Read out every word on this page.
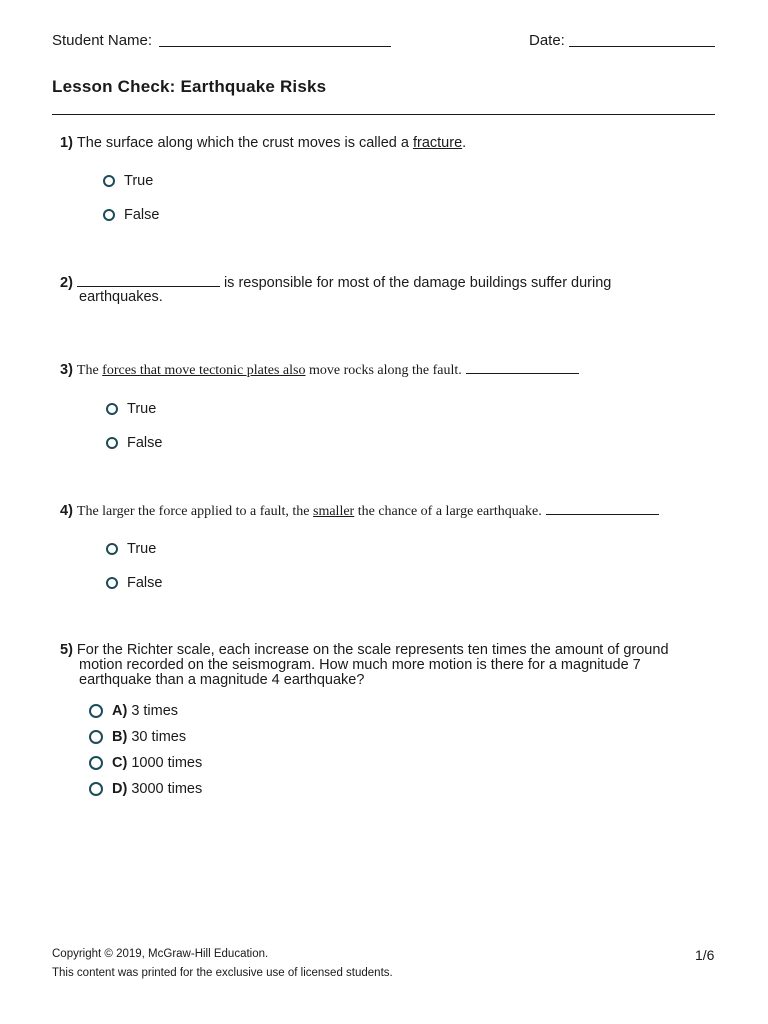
Student Name:	Date:
Lesson Check: Earthquake Risks
1) The surface along which the crust moves is called a fracture.
True
False
2)	is responsible for most of the damage buildings suffer during
earthquakes.
3) The forces that move tectonic plates also move rocks along the fault.
True
False
4) The larger the force applied to a fault, the smaller the chance of a large earthquake.
True
False
5) For the Richter scale, each increase on the scale represents ten times the amount of ground
motion recorded on the seismogram. How much more motion is there for a magnitude 7
earthquake than a magnitude 4 earthquake?
A) 3 times
B) 30 times
C) 1000 times
D) 3000 times
Copyright © 2019, McGraw-Hill Education.	1/6
This content was printed for the exclusive use of licensed students.
